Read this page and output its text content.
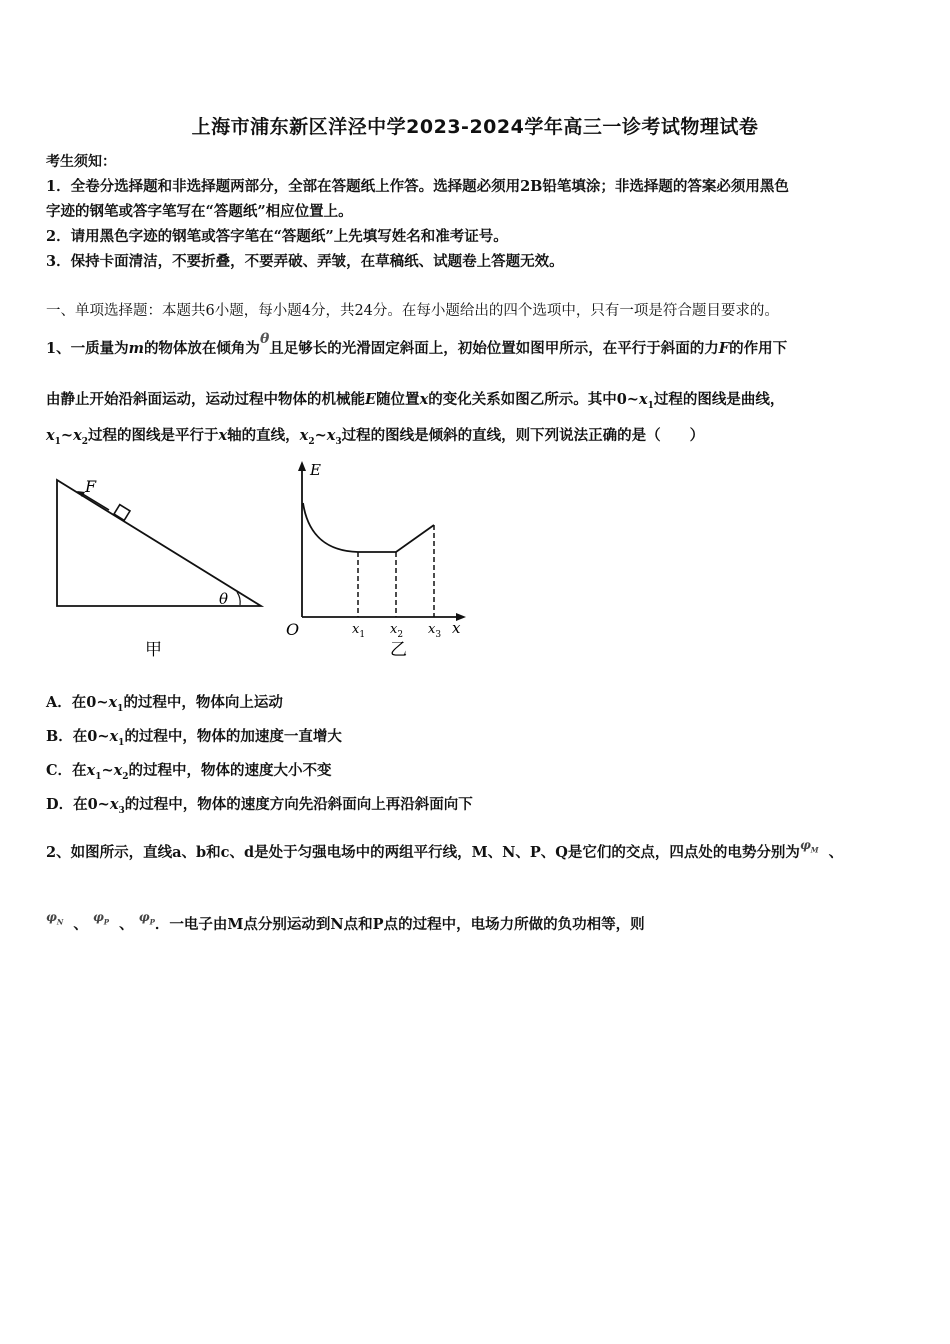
上海市浦东新区洋泾中学2023-2024学年高三一诊考试物理试卷
考生须知：
1．全卷分选择题和非选择题两部分，全部在答题纸上作答。选择题必须用2B铅笔填涂；非选择题的答案必须用黑色
字迹的钢笔或答字笔写在“答题纸”相应位置上。
2．请用黑色字迹的钢笔或答字笔在“答题纸”上先填写姓名和准考证号。
3．保持卡面清洁，不要折叠，不要弄破、弄皱，在草稿纸、试题卷上答题无效。
一、单项选择题：本题共6小题，每小题4分，共24分。在每小题给出的四个选项中，只有一项是符合题目要求的。
1、一质量为m的物体放在倾角为θ且足够长的光滑固定斜面上，初始位置如图甲所示，在平行于斜面的力F的作用下
由静止开始沿斜面运动，运动过程中物体的机械能E随位置x的变化关系如图乙所示。其中$0\sim x_1$过程的图线是曲线，
$x_1\sim x_2$过程的图线是平行于x轴的直线，$x_2\sim x_3$过程的图线是倾斜的直线，则下列说法正确的是（　　）
F
θ
甲
E
O	x
$x_1$ $x_2$ $x_3$
乙
A．在$0\sim x_1$的过程中，物体向上运动
B．在$0\sim x_1$的过程中，物体的加速度一直增大
C．在$x_1\sim x_2$的过程中，物体的速度大小不变
D．在$0\sim x_3$的过程中，物体的速度方向先沿斜面向上再沿斜面向下
2、如图所示，直线a、b和c、d是处于匀强电场中的两组平行线，M、N、P、Q是它们的交点，四点处的电势分别为$^{\varphi_M}$ 、
$^{\varphi_N}$ 、 $^{\varphi_P}$ 、 $^{\varphi_P}$．一电子由M点分别运动到N点和P点的过程中，电场力所做的负功相等，则
